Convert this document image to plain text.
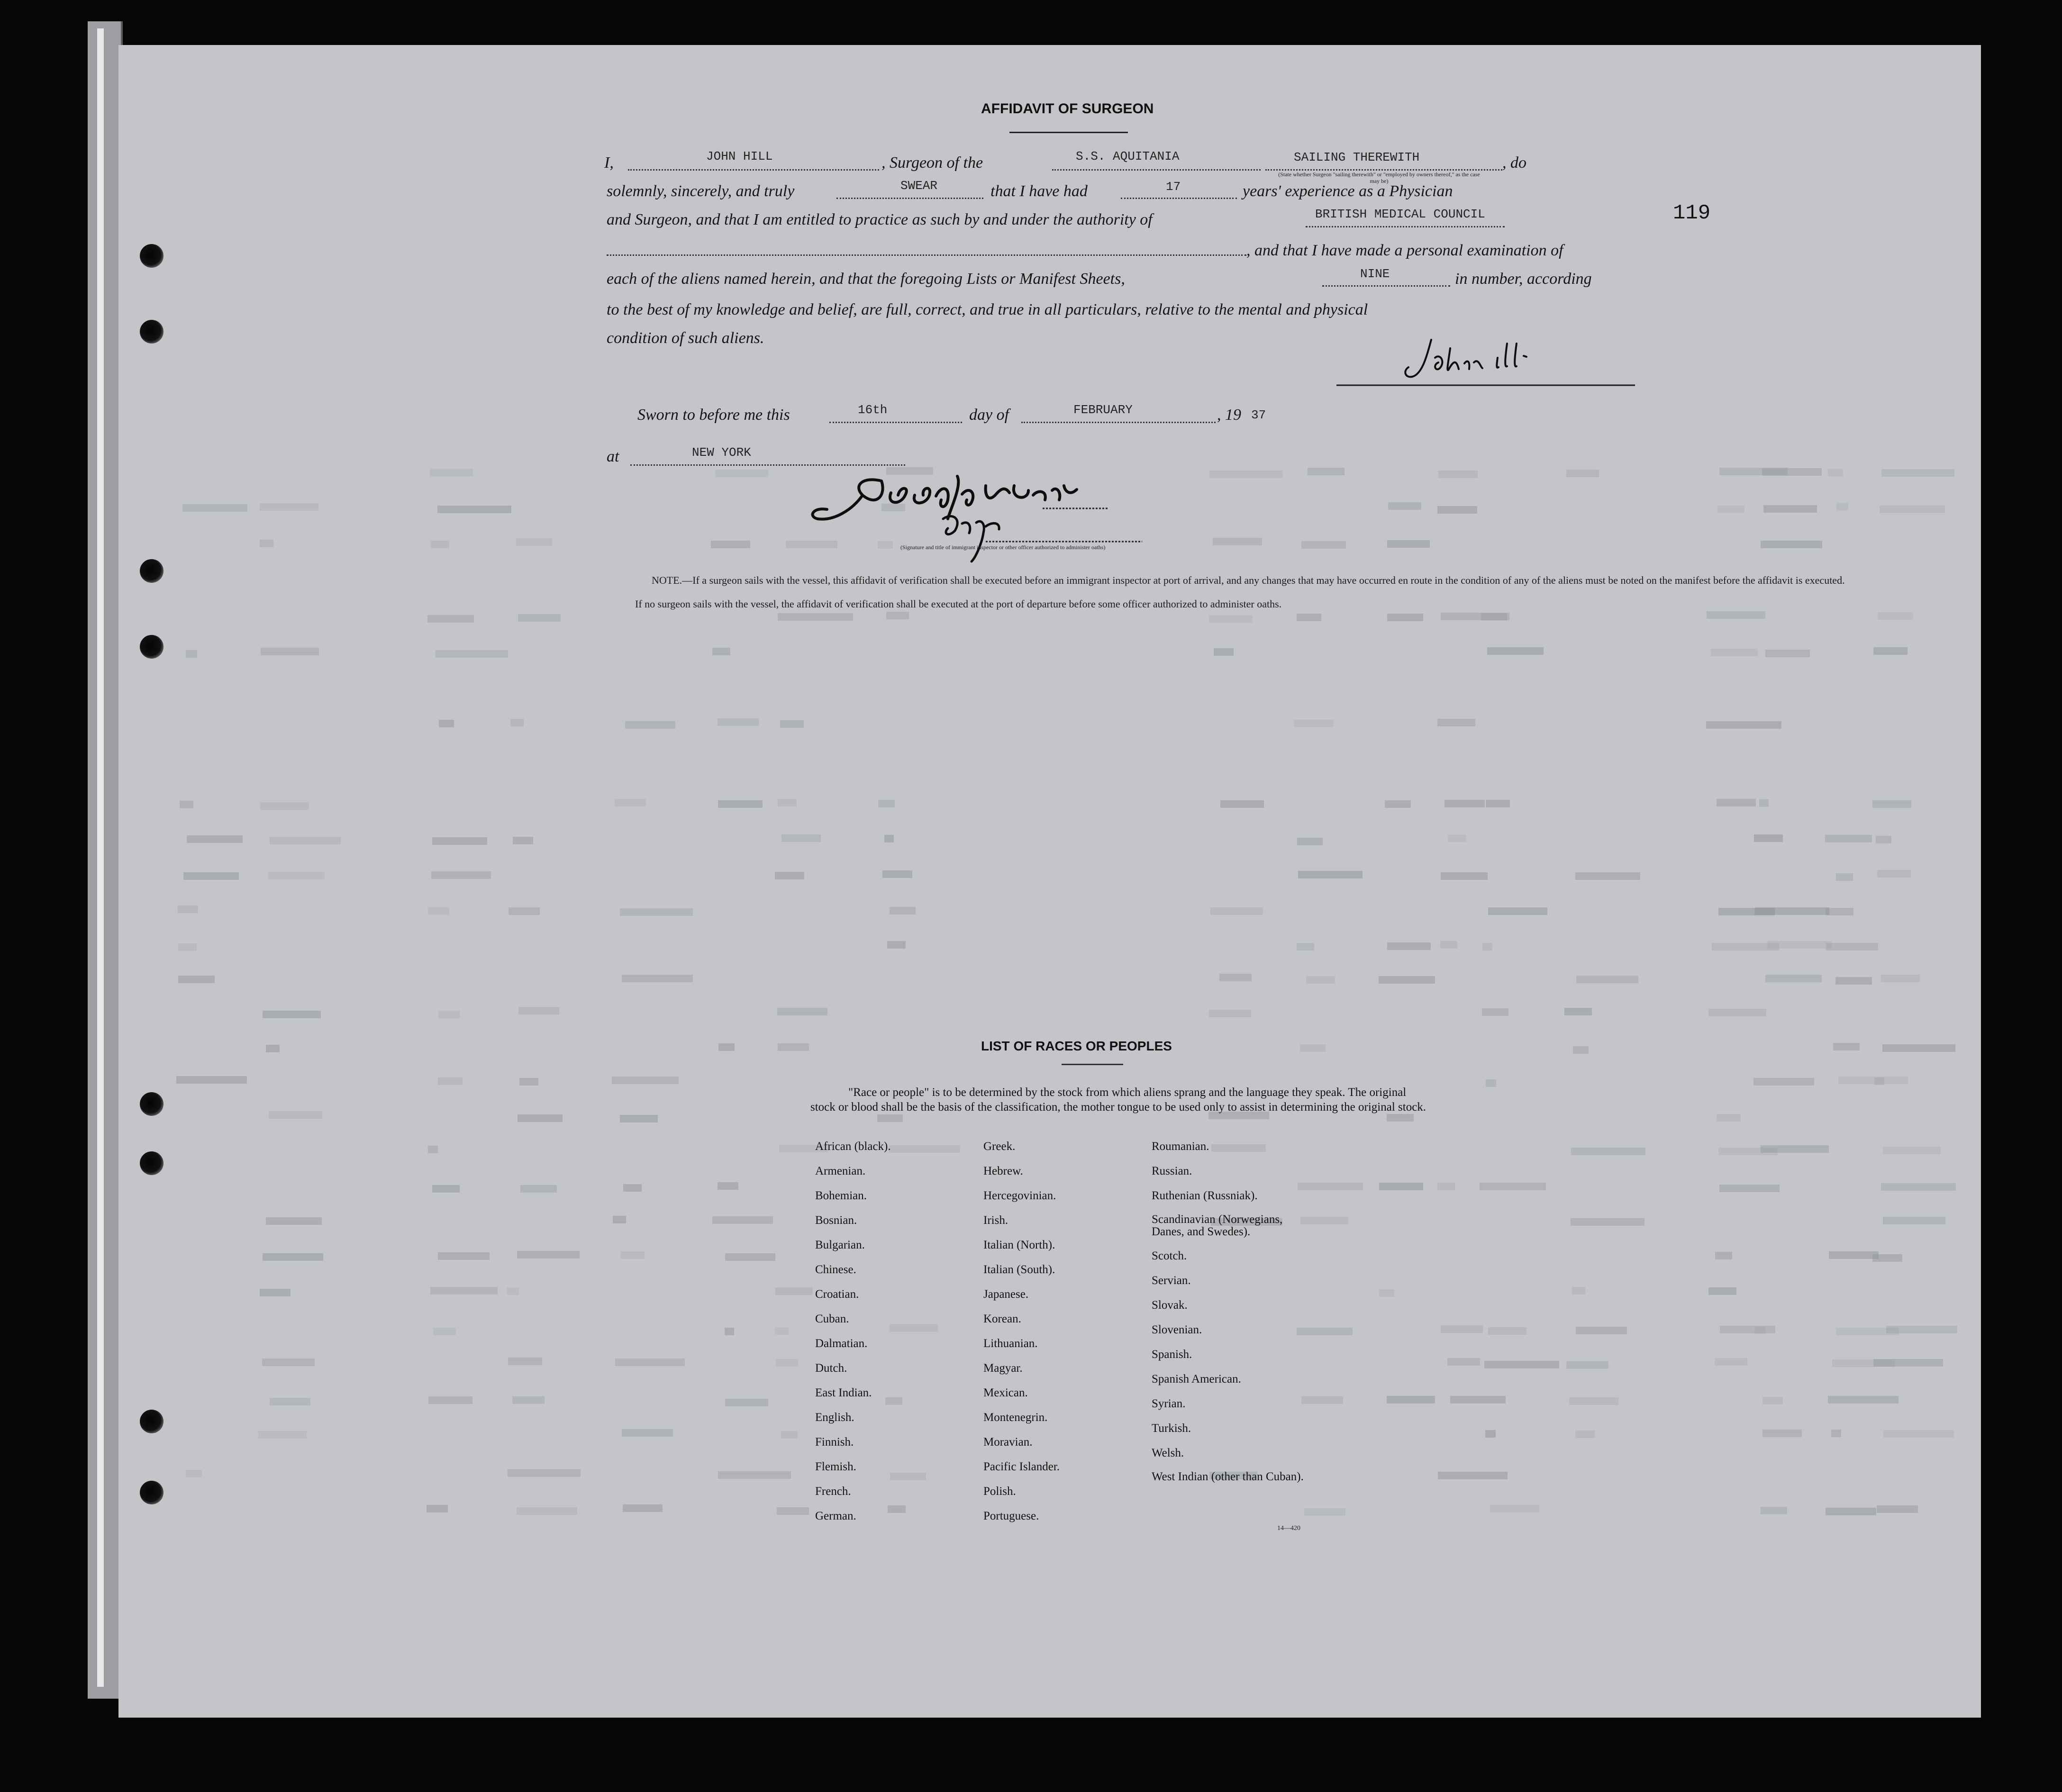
AFFIDAVIT OF SURGEON
I,	JOHN HILL	, Surgeon of the	S.S. AQUITANIA	SAILING THEREWITH
(State whether Surgeon "sailing therewith" or "employed by owners thereof," as the case may be)
, do
solemnly, sincerely, and truly	SWEAR	that I have had	17	years' experience as a Physician
and Surgeon, and that I am entitled to practice as such by and under the authority of	BRITISH MEDICAL COUNCIL
, and that I have made a personal examination of
each of the aliens named herein, and that the foregoing Lists or Manifest Sheets,	NINE	in number, according
to the best of my knowledge and belief, are full, correct, and true in all particulars, relative to the mental and physical
condition of such aliens.
119
Sworn to before me this	16th	day of	FEBRUARY	, 19 37
at	NEW YORK
(Signature and title of immigrant inspector or other officer authorized to administer oaths)
NOTE.—If a surgeon sails with the vessel, this affidavit of verification shall be executed before an immigrant inspector at port of arrival, and any changes that may have occurred en route in the condition of any of the aliens must be noted on the manifest before the affidavit is executed.
If no surgeon sails with the vessel, the affidavit of verification shall be executed at the port of departure before some officer authorized to administer oaths.
LIST OF RACES OR PEOPLES
"Race or people" is to be determined by the stock from which aliens sprang and the language they speak. The original stock or blood shall be the basis of the classification, the mother tongue to be used only to assist in determining the original stock.
African (black).
Armenian.
Bohemian.
Bosnian.
Bulgarian.
Chinese.
Croatian.
Cuban.
Dalmatian.
Dutch.
East Indian.
English.
Finnish.
Flemish.
French.
German.
Greek.
Hebrew.
Hercegovinian.
Irish.
Italian (North).
Italian (South).
Japanese.
Korean.
Lithuanian.
Magyar.
Mexican.
Montenegrin.
Moravian.
Pacific Islander.
Polish.
Portuguese.
Roumanian.
Russian.
Ruthenian (Russniak).
Scandinavian (Norwegians, Danes, and Swedes).
Scotch.
Servian.
Slovak.
Slovenian.
Spanish.
Spanish American.
Syrian.
Turkish.
Welsh.
West Indian (other than Cuban).
14—420
